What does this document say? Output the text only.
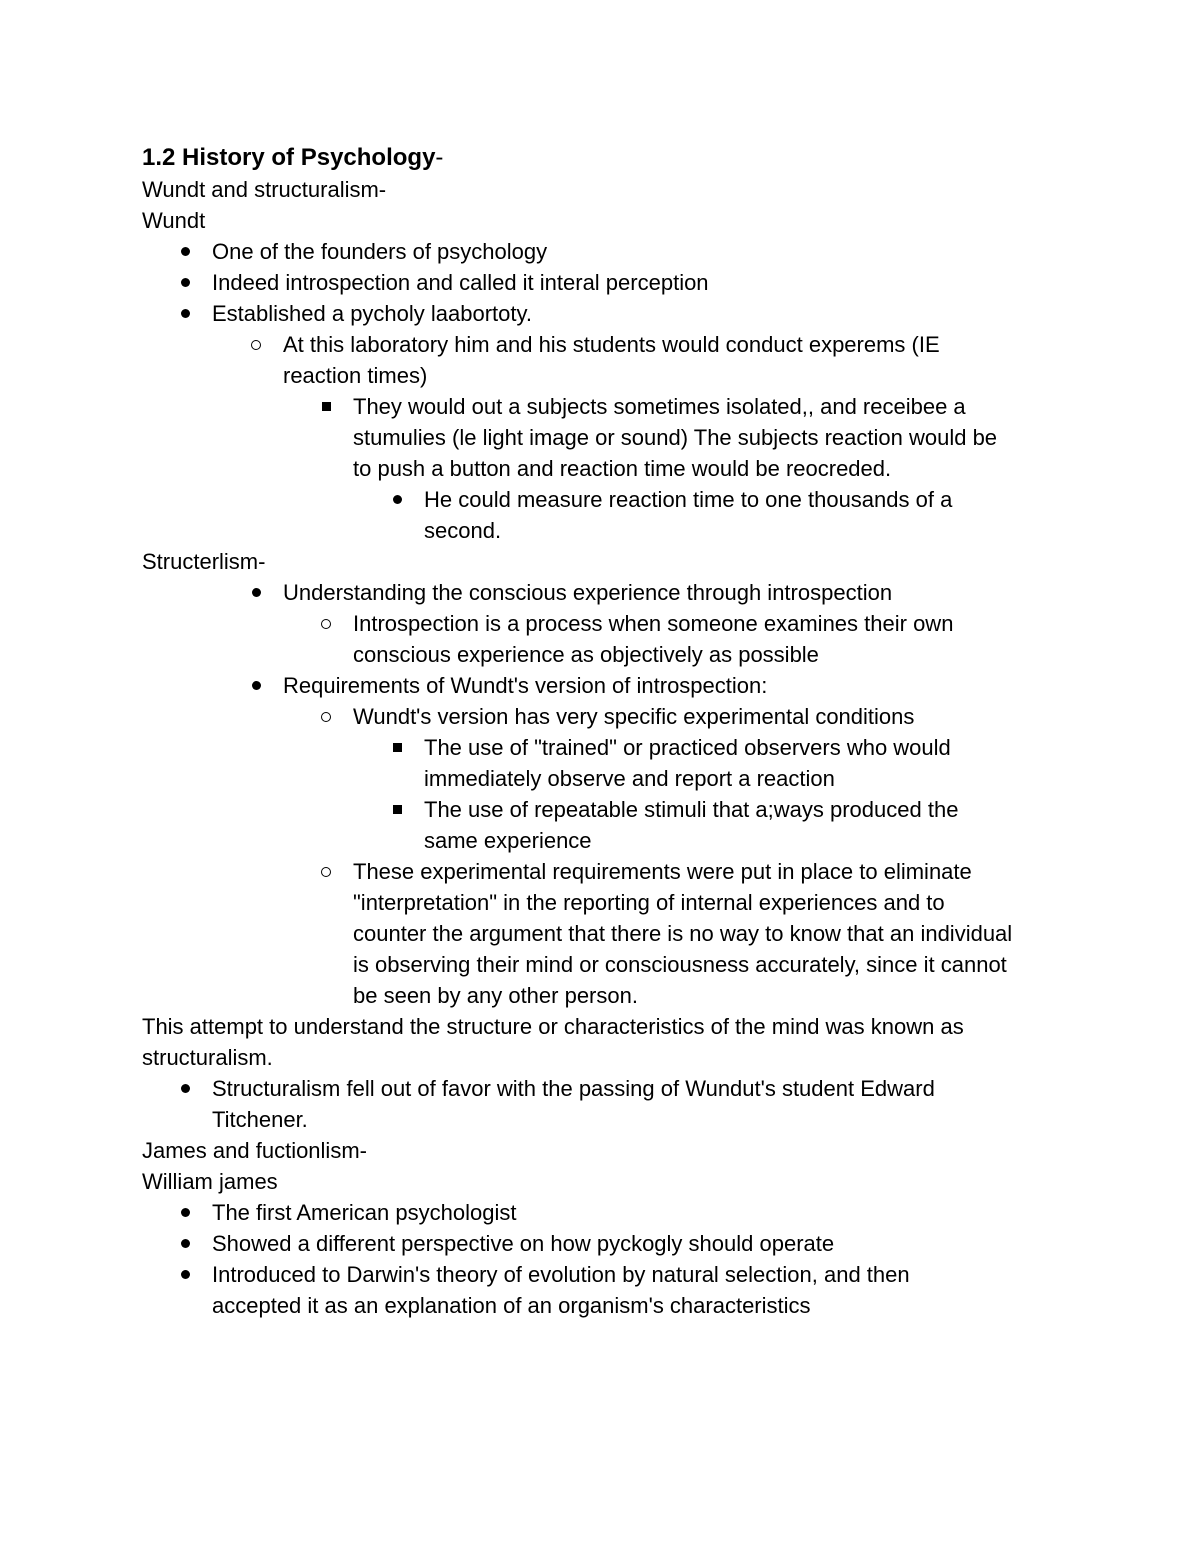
1.2 History of Psychology-
Wundt and structuralism-
Wundt
One of the founders of psychology
Indeed introspection and called it interal perception
Established a pycholy laabortoty.
At this laboratory him and his students would conduct experems (IE
reaction times)
They would out a subjects sometimes isolated,, and receibee a
stumulies (le light image or sound) The subjects reaction would be
to push a button and reaction time would be reocreded.
He could measure reaction time to one thousands of a
second.
Structerlism-
Understanding the conscious experience through introspection
Introspection is a process when someone examines their own
conscious experience as objectively as possible
Requirements of Wundt's version of introspection:
Wundt's version has very specific experimental conditions
The use of "trained" or practiced observers who would
immediately observe and report a reaction
The use of repeatable stimuli that a;ways produced the
same experience
These experimental requirements were put in place to eliminate
"interpretation" in the reporting of internal experiences and to
counter the argument that there is no way to know that an individual
is observing their mind or consciousness accurately, since it cannot
be seen by any other person.
This attempt to understand the structure or characteristics of the mind was known as
structuralism.
Structuralism fell out of favor with the passing of Wundut's student Edward
Titchener.
James and fuctionlism-
William james
The first American psychologist
Showed a different perspective on how pyckogly should operate
Introduced to Darwin's theory of evolution by natural selection, and then
accepted it as an explanation of an organism's characteristics
